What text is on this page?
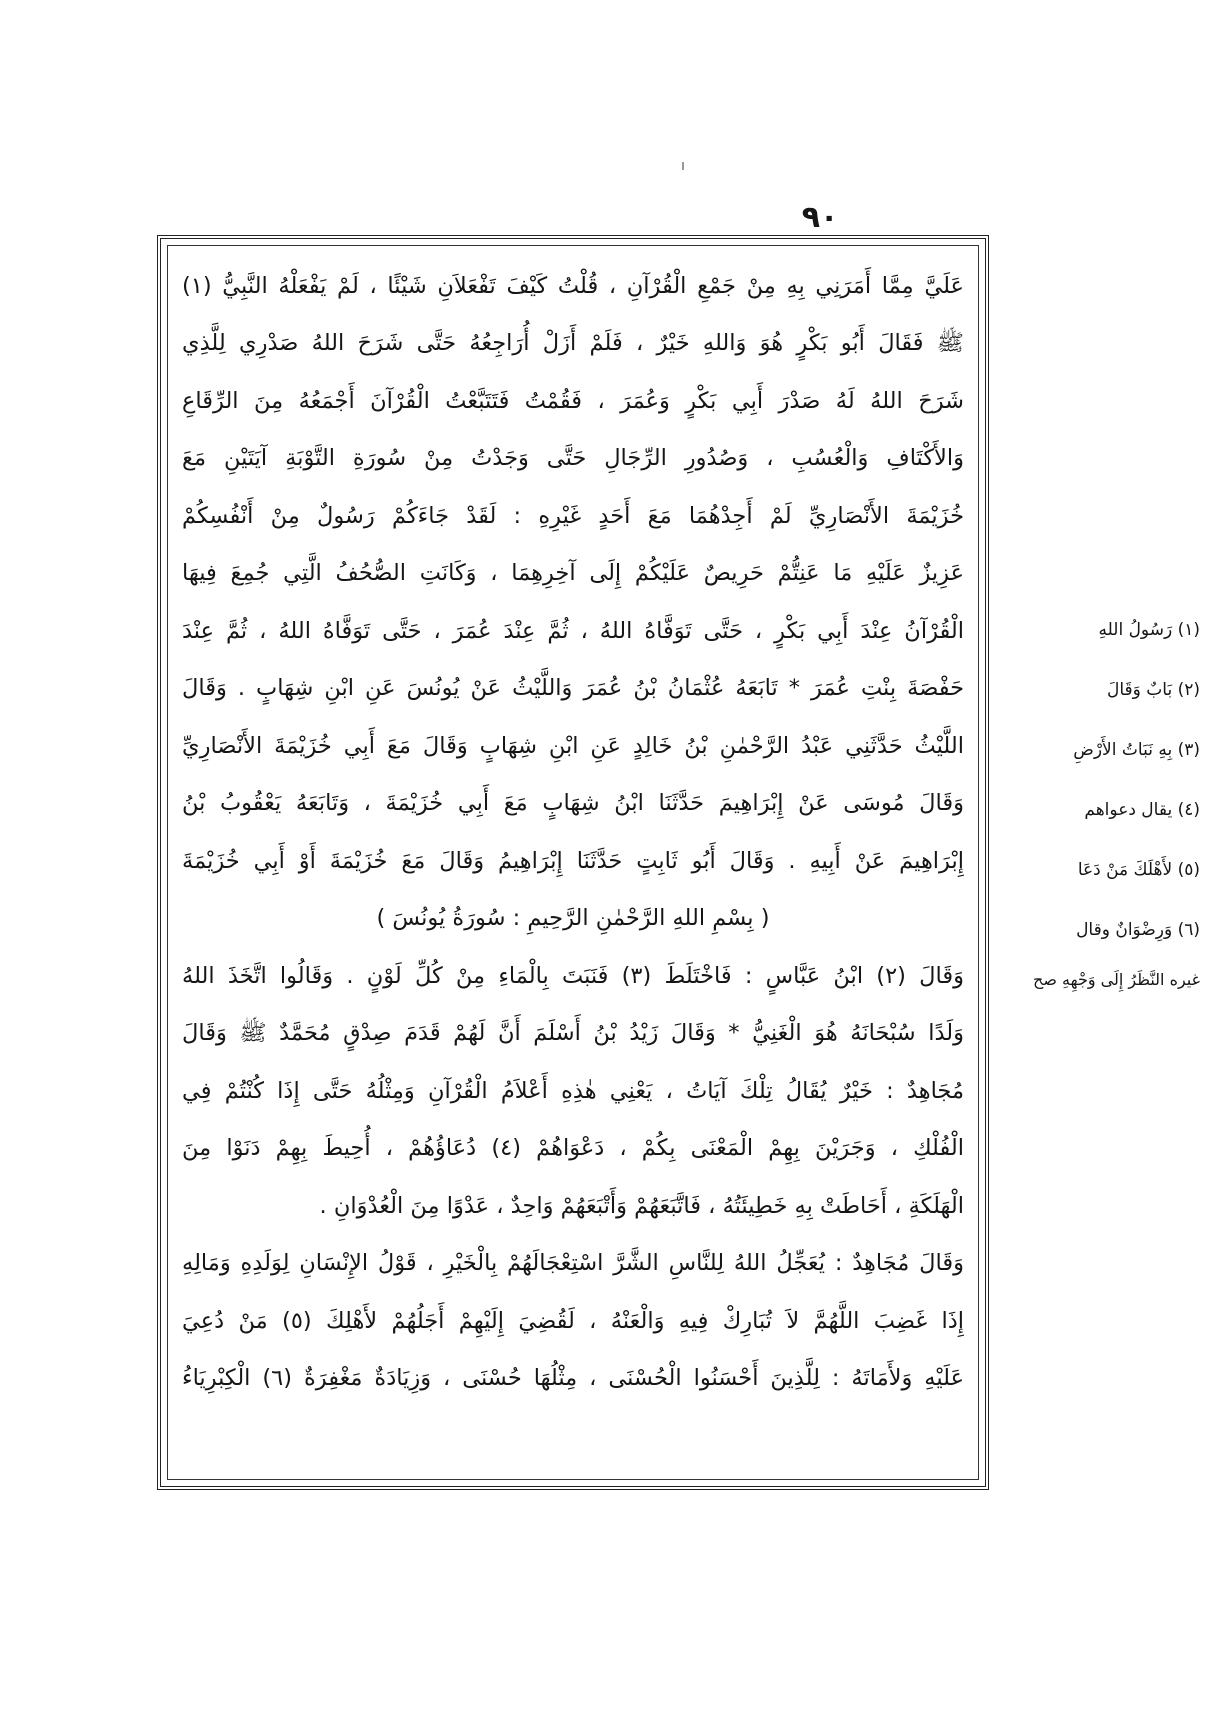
٩٠
عَلَيَّ مِمَّا أَمَرَنِي بِهِ مِنْ جَمْعِ الْقُرْآنِ ، قُلْتُ كَيْفَ تَفْعَلاَنِ شَيْئًا ، لَمْ يَفْعَلْهُ النَّبِيُّ (١)
ﷺ فَقَالَ أَبُو بَكْرٍ هُوَ وَاللهِ خَيْرٌ ، فَلَمْ أَزَلْ أُرَاجِعُهُ حَتَّى شَرَحَ اللهُ صَدْرِي لِلَّذِي
شَرَحَ اللهُ لَهُ صَدْرَ أَبِي بَكْرٍ وَعُمَرَ ، فَقُمْتُ فَتَتَبَّعْتُ الْقُرْآنَ أَجْمَعُهُ مِنَ الرِّقَاعِ
وَالأَكْتَافِ وَالْعُسُبِ ، وَصُدُورِ الرِّجَالِ حَتَّى وَجَدْتُ مِنْ سُورَةِ التَّوْبَةِ آيَتَيْنِ مَعَ
خُزَيْمَةَ الأَنْصَارِيِّ لَمْ أَجِدْهُمَا مَعَ أَحَدٍ غَيْرِهِ : لَقَدْ جَاءَكُمْ رَسُولٌ مِنْ أَنْفُسِكُمْ
عَزِيزٌ عَلَيْهِ مَا عَنِتُّمْ حَرِيصٌ عَلَيْكُمْ إِلَى آخِرِهِمَا ، وَكَانَتِ الصُّحُفُ الَّتِي جُمِعَ فِيهَا
الْقُرْآنُ عِنْدَ أَبِي بَكْرٍ ، حَتَّى تَوَفَّاهُ اللهُ ، ثُمَّ عِنْدَ عُمَرَ ، حَتَّى تَوَفَّاهُ اللهُ ، ثُمَّ عِنْدَ
حَفْصَةَ بِنْتِ عُمَرَ * تَابَعَهُ عُثْمَانُ بْنُ عُمَرَ وَاللَّيْثُ عَنْ يُونُسَ عَنِ ابْنِ شِهَابٍ . وَقَالَ
اللَّيْثُ حَدَّثَنِي عَبْدُ الرَّحْمٰنِ بْنُ خَالِدٍ عَنِ ابْنِ شِهَابٍ وَقَالَ مَعَ أَبِي خُزَيْمَةَ الأَنْصَارِيِّ
وَقَالَ مُوسَى عَنْ إِبْرَاهِيمَ حَدَّثَنَا ابْنُ شِهَابٍ مَعَ أَبِي خُزَيْمَةَ ، وَتَابَعَهُ يَعْقُوبُ بْنُ
إِبْرَاهِيمَ عَنْ أَبِيهِ . وَقَالَ أَبُو ثَابِتٍ حَدَّثَنَا إِبْرَاهِيمُ وَقَالَ مَعَ خُزَيْمَةَ أَوْ أَبِي خُزَيْمَةَ
( بِسْمِ اللهِ الرَّحْمٰنِ الرَّحِيمِ : سُورَةُ يُونُسَ )
وَقَالَ (٢) ابْنُ عَبَّاسٍ : فَاخْتَلَطَ (٣) فَنَبَتَ بِالْمَاءِ مِنْ كُلِّ لَوْنٍ . وَقَالُوا اتَّخَذَ اللهُ
وَلَدًا سُبْحَانَهُ هُوَ الْغَنِيُّ * وَقَالَ زَيْدُ بْنُ أَسْلَمَ أَنَّ لَهُمْ قَدَمَ صِدْقٍ مُحَمَّدٌ ﷺ وَقَالَ
مُجَاهِدٌ : خَيْرٌ يُقَالُ تِلْكَ آيَاتُ ، يَعْنِي هٰذِهِ أَعْلاَمُ الْقُرْآنِ وَمِثْلُهُ حَتَّى إِذَا كُنْتُمْ فِي
الْفُلْكِ ، وَجَرَيْنَ بِهِمْ الْمَعْنَى بِكُمْ ، دَعْوَاهُمْ (٤) دُعَاؤُهُمْ ، أُحِيطَ بِهِمْ دَنَوْا مِنَ
الْهَلَكَةِ ، أَحَاطَتْ بِهِ خَطِيئَتُهُ ، فَاتَّبَعَهُمْ وَأَتْبَعَهُمْ وَاحِدٌ ، عَدْوًا مِنَ الْعُدْوَانِ .
وَقَالَ مُجَاهِدٌ : يُعَجِّلُ اللهُ لِلنَّاسِ الشَّرَّ اسْتِعْجَالَهُمْ بِالْخَيْرِ ، قَوْلُ الإِنْسَانِ لِوَلَدِهِ وَمَالِهِ
إِذَا غَضِبَ اللَّهُمَّ لاَ تُبَارِكْ فِيهِ وَالْعَنْهُ ، لَقُضِيَ إِلَيْهِمْ أَجَلُهُمْ لأَهْلِكَ (٥) مَنْ دُعِيَ
عَلَيْهِ وَلأَمَاتَهُ : لِلَّذِينَ أَحْسَنُوا الْحُسْنَى ، مِثْلُهَا حُسْنَى ، وَزِيَادَةٌ مَغْفِرَةٌ (٦) الْكِبْرِيَاءُ
(١) رَسُولُ اللهِ
(٢) بَابٌ وَقَالَ
(٣) بِهِ نَبَاتُ الأَرْضِ
(٤) يقال دعواهم
(٥) لأَهْلَكَ مَنْ دَعَا
(٦) وَرِضْوَانٌ وقال
غيره النَّظَرُ إِلَى وَجْهِهِ صح
